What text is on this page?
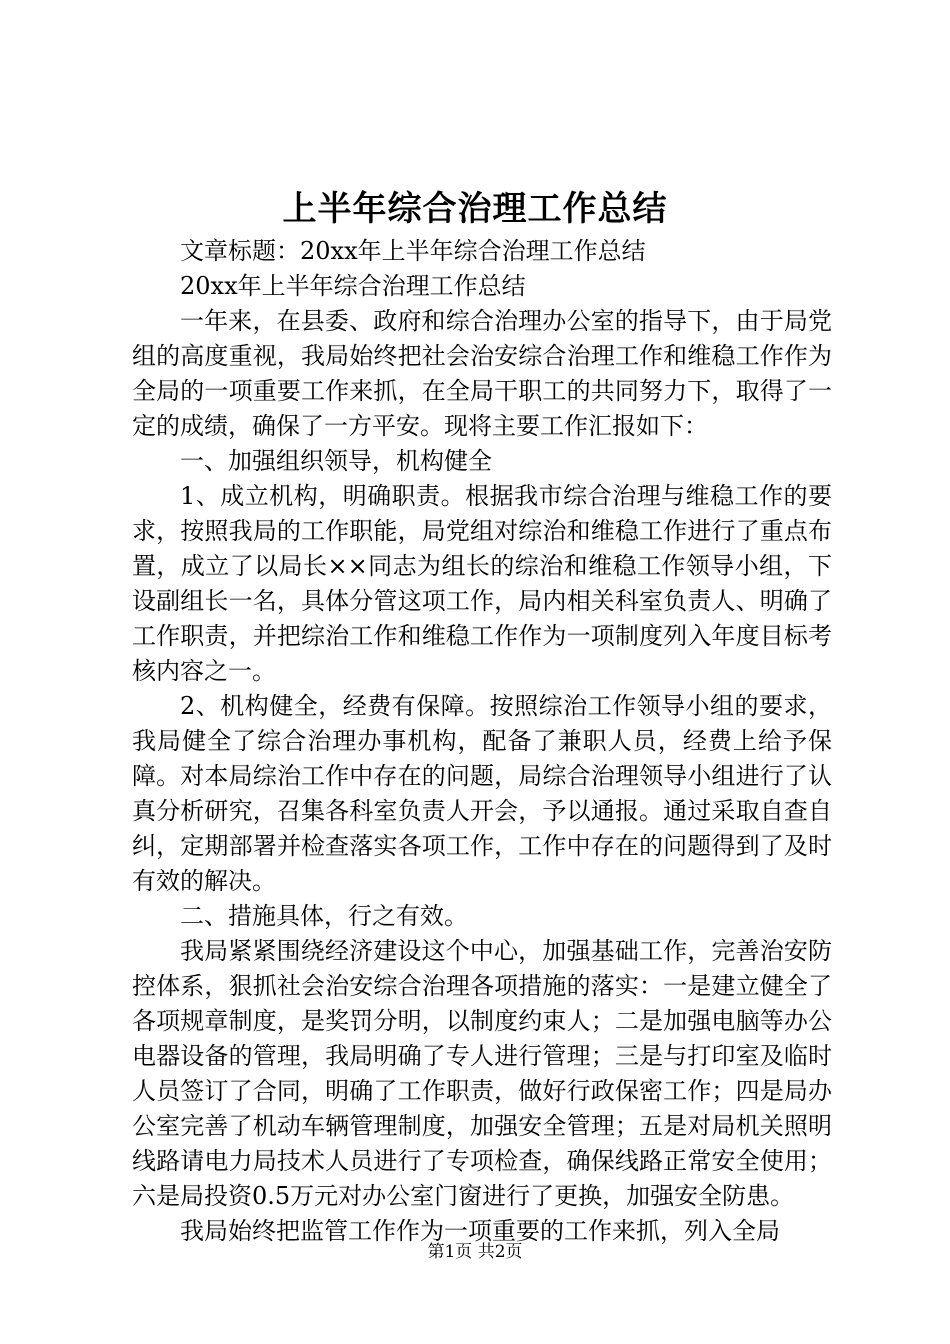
上半年综合治理工作总结

文章标题：20xx年上半年综合治理工作总结

20xx年上半年综合治理工作总结

一年来，在县委、政府和综合治理办公室的指导下，由于局党组的高度重视，我局始终把社会治安综合治理工作和维稳工作作为全局的一项重要工作来抓，在全局干职工的共同努力下，取得了一定的成绩，确保了一方平安。现将主要工作汇报如下：

一、加强组织领导，机构健全

1、成立机构，明确职责。根据我市综合治理与维稳工作的要求，按照我局的工作职能，局党组对综治和维稳工作进行了重点布置，成立了以局长××同志为组长的综治和维稳工作领导小组，下设副组长一名，具体分管这项工作，局内相关科室负责人、明确了工作职责，并把综治工作和维稳工作作为一项制度列入年度目标考核内容之一。

2、机构健全，经费有保障。按照综治工作领导小组的要求，我局健全了综合治理办事机构，配备了兼职人员，经费上给予保障。对本局综治工作中存在的问题，局综合治理领导小组进行了认真分析研究，召集各科室负责人开会，予以通报。通过采取自查自纠，定期部署并检查落实各项工作，工作中存在的问题得到了及时有效的解决。

二、措施具体，行之有效。

我局紧紧围绕经济建设这个中心，加强基础工作，完善治安防控体系，狠抓社会治安综合治理各项措施的落实：一是建立健全了各项规章制度，是奖罚分明，以制度约束人；二是加强电脑等办公电器设备的管理，我局明确了专人进行管理；三是与打印室及临时人员签订了合同，明确了工作职责，做好行政保密工作；四是局办公室完善了机动车辆管理制度，加强安全管理；五是对局机关照明线路请电力局技术人员进行了专项检查，确保线路正常安全使用；六是局投资0.5万元对办公室门窗进行了更换，加强安全防患。

我局始终把监管工作作为一项重要的工作来抓，列入全局

第1页 共2页
